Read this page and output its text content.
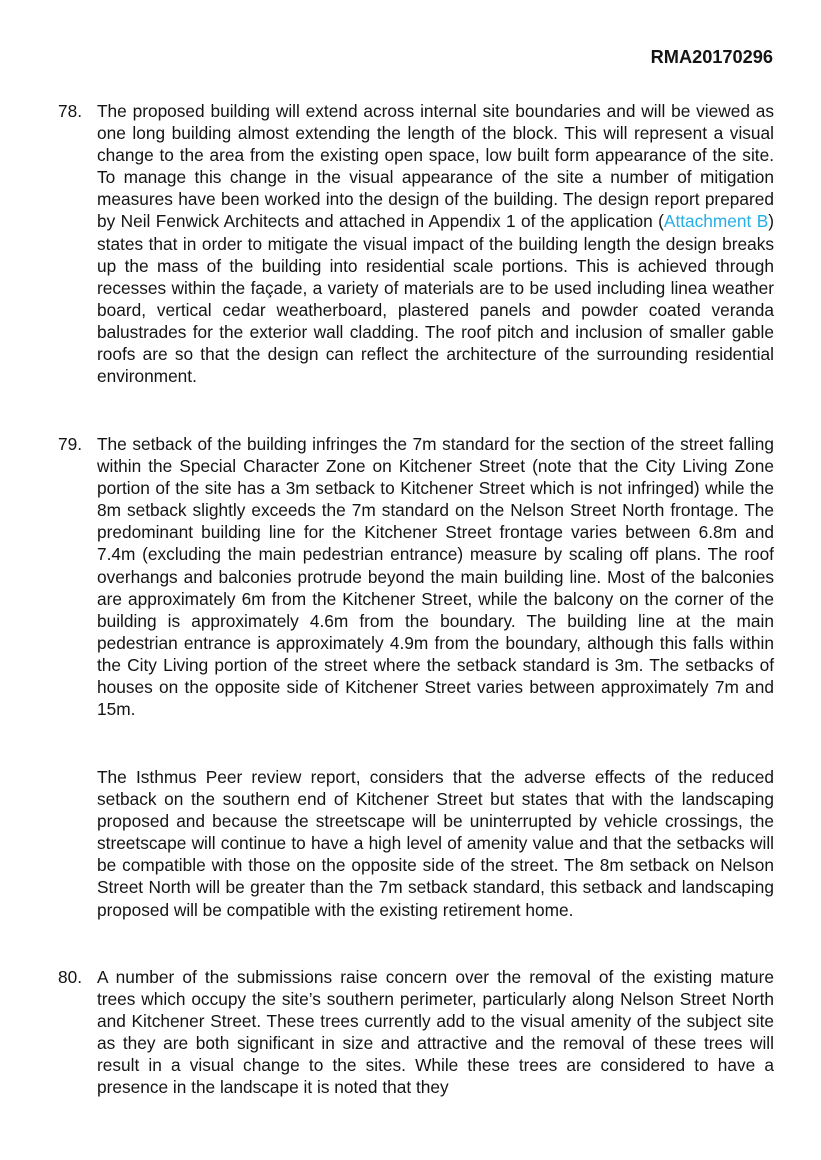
RMA20170296
78. The proposed building will extend across internal site boundaries and will be viewed as one long building almost extending the length of the block. This will represent a visual change to the area from the existing open space, low built form appearance of the site. To manage this change in the visual appearance of the site a number of mitigation measures have been worked into the design of the building. The design report prepared by Neil Fenwick Architects and attached in Appendix 1 of the application (Attachment B) states that in order to mitigate the visual impact of the building length the design breaks up the mass of the building into residential scale portions. This is achieved through recesses within the façade, a variety of materials are to be used including linea weather board, vertical cedar weatherboard, plastered panels and powder coated veranda balustrades for the exterior wall cladding. The roof pitch and inclusion of smaller gable roofs are so that the design can reflect the architecture of the surrounding residential environment.
79. The setback of the building infringes the 7m standard for the section of the street falling within the Special Character Zone on Kitchener Street (note that the City Living Zone portion of the site has a 3m setback to Kitchener Street which is not infringed) while the 8m setback slightly exceeds the 7m standard on the Nelson Street North frontage. The predominant building line for the Kitchener Street frontage varies between 6.8m and 7.4m (excluding the main pedestrian entrance) measure by scaling off plans. The roof overhangs and balconies protrude beyond the main building line. Most of the balconies are approximately 6m from the Kitchener Street, while the balcony on the corner of the building is approximately 4.6m from the boundary. The building line at the main pedestrian entrance is approximately 4.9m from the boundary, although this falls within the City Living portion of the street where the setback standard is 3m. The setbacks of houses on the opposite side of Kitchener Street varies between approximately 7m and 15m.
The Isthmus Peer review report, considers that the adverse effects of the reduced setback on the southern end of Kitchener Street but states that with the landscaping proposed and because the streetscape will be uninterrupted by vehicle crossings, the streetscape will continue to have a high level of amenity value and that the setbacks will be compatible with those on the opposite side of the street. The 8m setback on Nelson Street North will be greater than the 7m setback standard, this setback and landscaping proposed will be compatible with the existing retirement home.
80. A number of the submissions raise concern over the removal of the existing mature trees which occupy the site’s southern perimeter, particularly along Nelson Street North and Kitchener Street. These trees currently add to the visual amenity of the subject site as they are both significant in size and attractive and the removal of these trees will result in a visual change to the sites. While these trees are considered to have a presence in the landscape it is noted that they
